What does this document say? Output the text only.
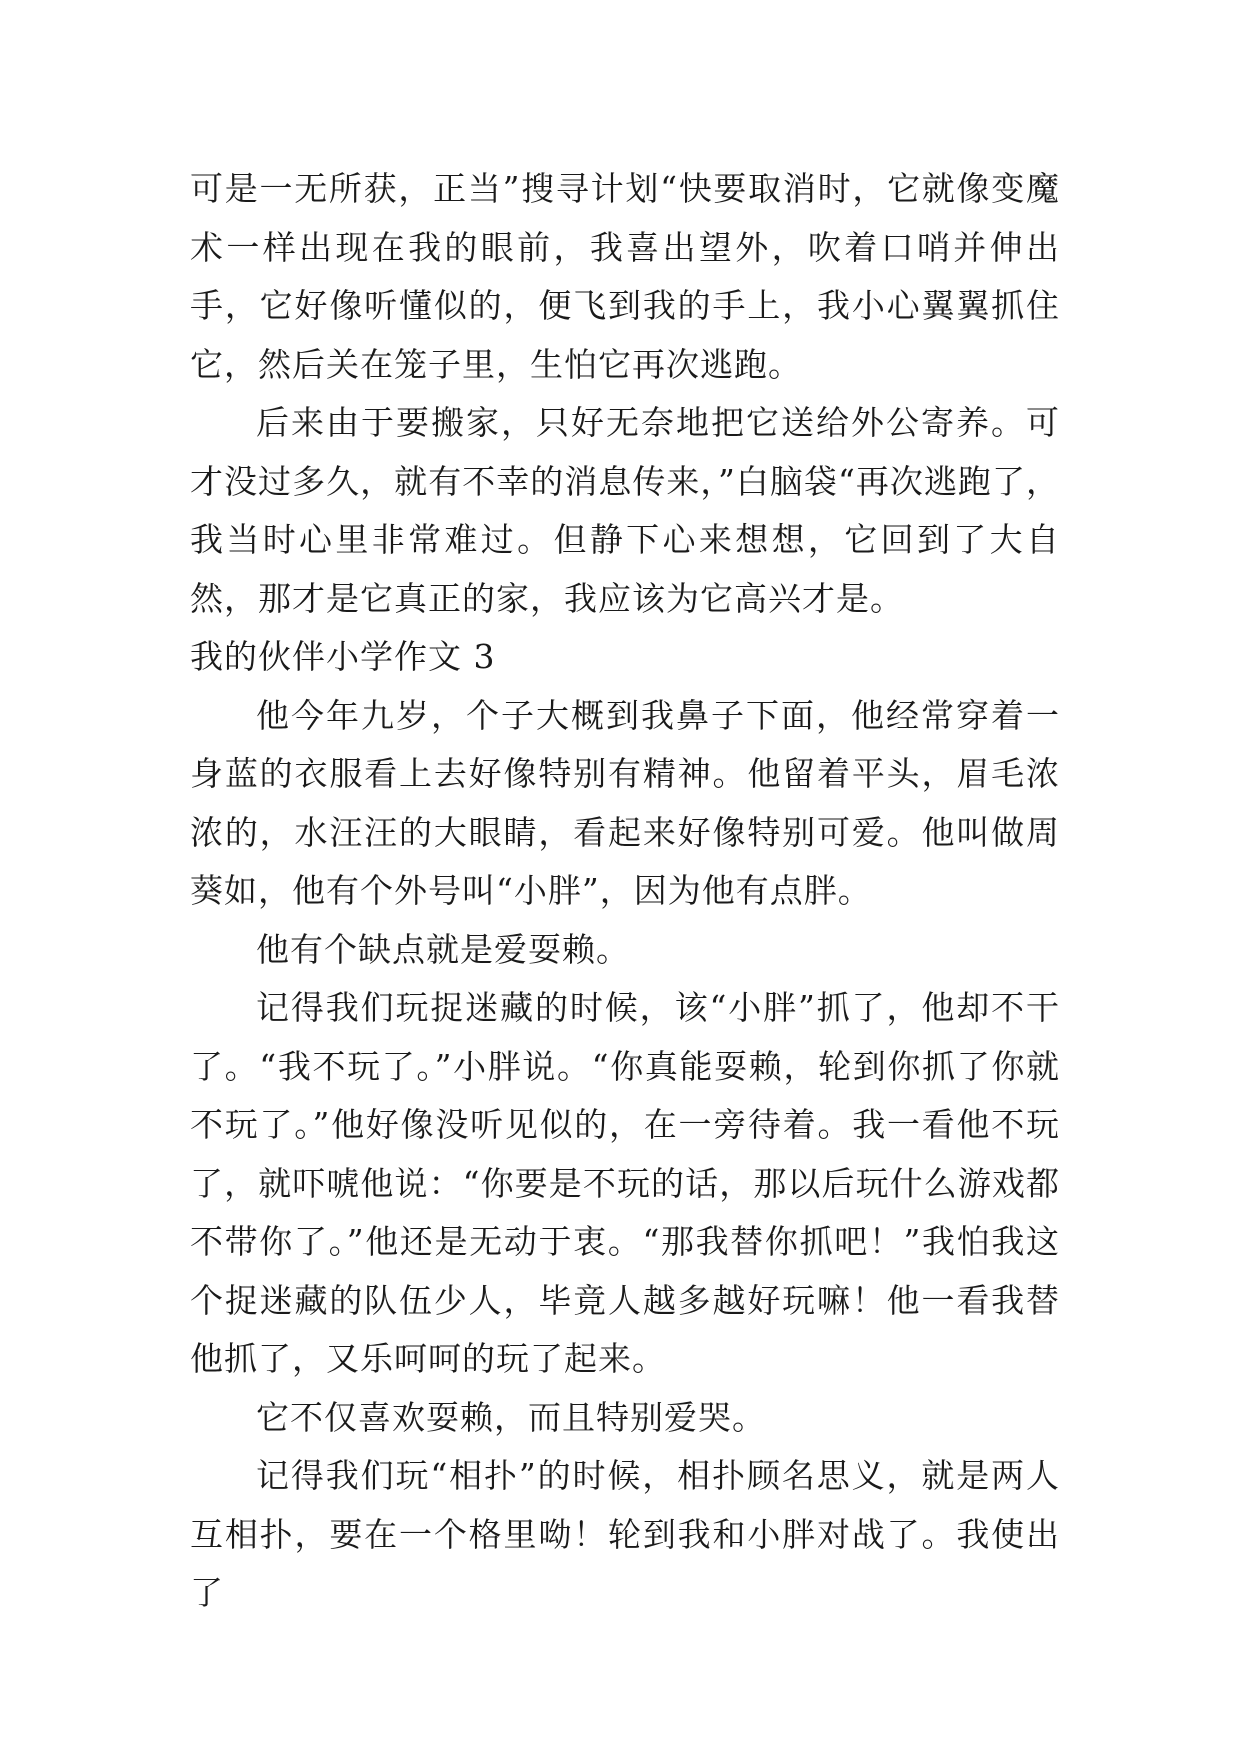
可是一无所获，正当”搜寻计划“快要取消时，它就像变魔术一样出现在我的眼前，我喜出望外，吹着口哨并伸出手，它好像听懂似的，便飞到我的手上，我小心翼翼抓住它，然后关在笼子里，生怕它再次逃跑。

后来由于要搬家，只好无奈地把它送给外公寄养。可才没过多久，就有不幸的消息传来，”白脑袋“再次逃跑了，我当时心里非常难过。但静下心来想想，它回到了大自然，那才是它真正的家，我应该为它高兴才是。

我的伙伴小学作文 3

他今年九岁，个子大概到我鼻子下面，他经常穿着一身蓝的衣服看上去好像特别有精神。他留着平头，眉毛浓浓的，水汪汪的大眼睛，看起来好像特别可爱。他叫做周葵如，他有个外号叫“小胖”，因为他有点胖。

他有个缺点就是爱耍赖。

记得我们玩捉迷藏的时候，该“小胖”抓了，他却不干了。“我不玩了。”小胖说。“你真能耍赖，轮到你抓了你就不玩了。”他好像没听见似的，在一旁待着。我一看他不玩了，就吓唬他说：“你要是不玩的话，那以后玩什么游戏都不带你了。”他还是无动于衷。“那我替你抓吧！”我怕我这个捉迷藏的队伍少人，毕竟人越多越好玩嘛！他一看我替他抓了，又乐呵呵的玩了起来。

它不仅喜欢耍赖，而且特别爱哭。

记得我们玩“相扑”的时候，相扑顾名思义，就是两人互相扑，要在一个格里呦！轮到我和小胖对战了。我使出了
